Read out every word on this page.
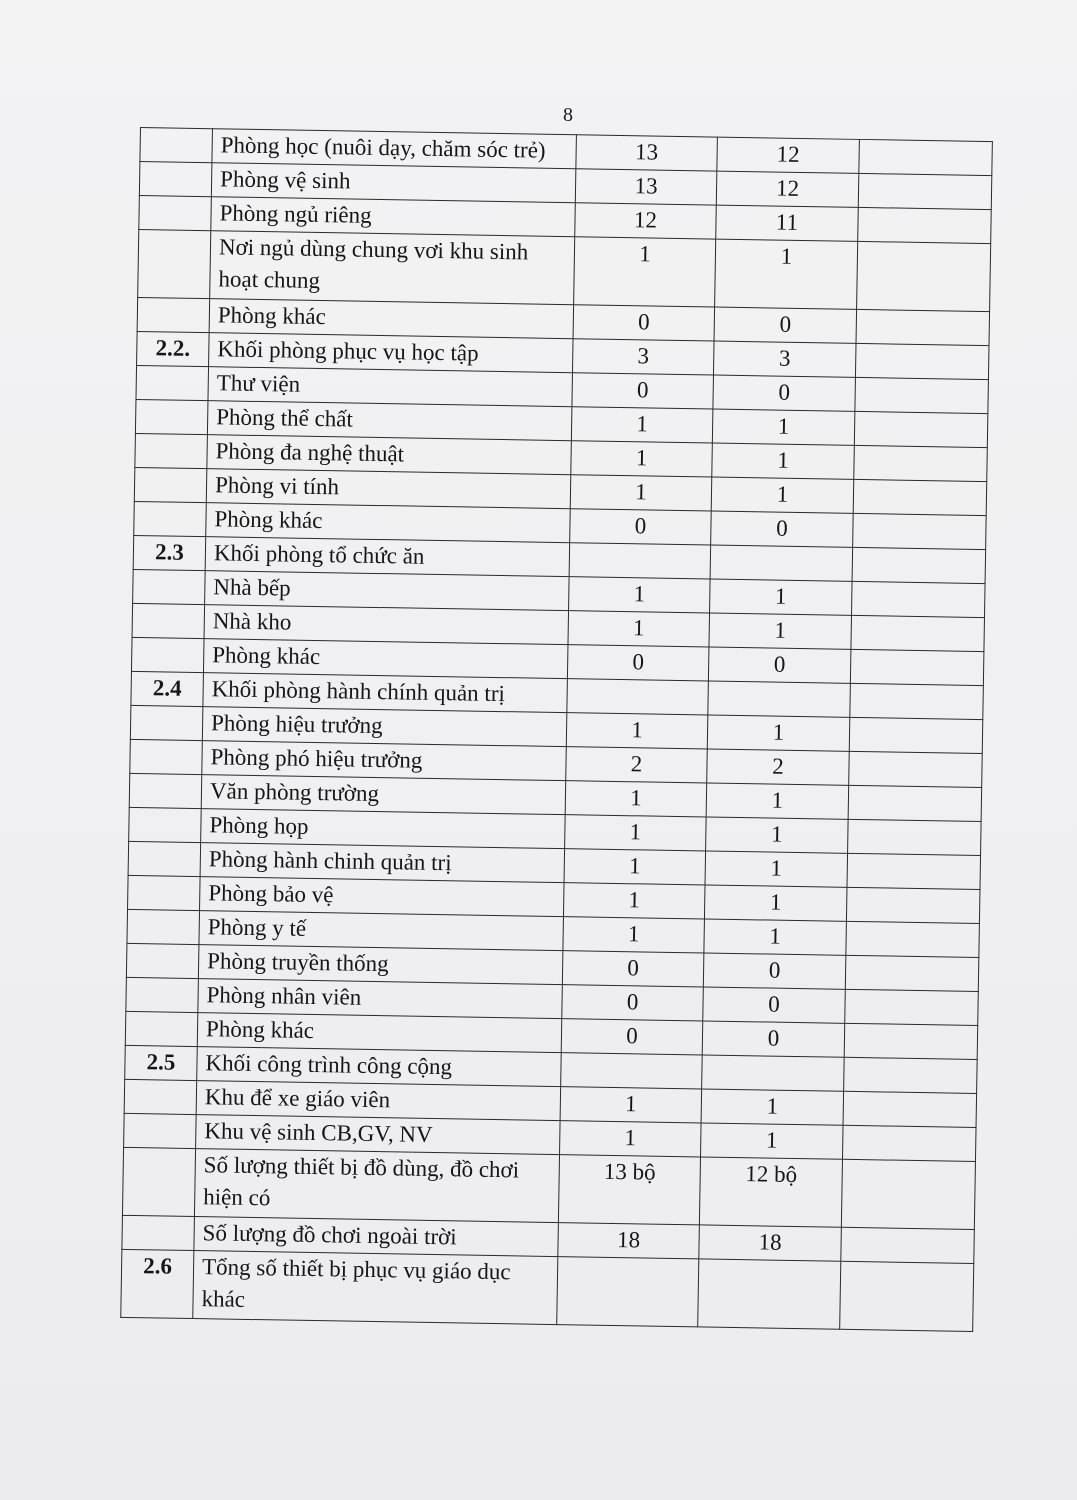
8
	Phòng học (nuôi dạy, chăm sóc trẻ)	13	12	
	Phòng vệ sinh	13	12	
	Phòng ngủ riêng	12	11	
	Nơi ngủ dùng chung vơi khu sinh hoạt chung	1	1	
	Phòng khác	0	0	
2.2.	Khối phòng phục vụ học tập	3	3	
	Thư viện	0	0	
	Phòng thể chất	1	1	
	Phòng đa nghệ thuật	1	1	
	Phòng vi tính	1	1	
	Phòng khác	0	0	
2.3	Khối phòng tổ chức ăn			
	Nhà bếp	1	1	
	Nhà kho	1	1	
	Phòng khác	0	0	
2.4	Khối phòng hành chính quản trị			
	Phòng hiệu trưởng	1	1	
	Phòng phó hiệu trưởng	2	2	
	Văn phòng trường	1	1	
	Phòng họp	1	1	
	Phòng hành chinh quản trị	1	1	
	Phòng bảo vệ	1	1	
	Phòng y tế	1	1	
	Phòng truyền thống	0	0	
	Phòng nhân viên	0	0	
	Phòng khác	0	0	
2.5	Khối công trình công cộng			
	Khu để xe giáo viên	1	1	
	Khu vệ sinh CB,GV, NV	1	1	
	Số lượng thiết bị đồ dùng, đồ chơi hiện có	13 bộ	12 bộ	
	Số lượng đồ chơi ngoài trời	18	18	
2.6	Tổng số thiết bị phục vụ giáo dục khác			
